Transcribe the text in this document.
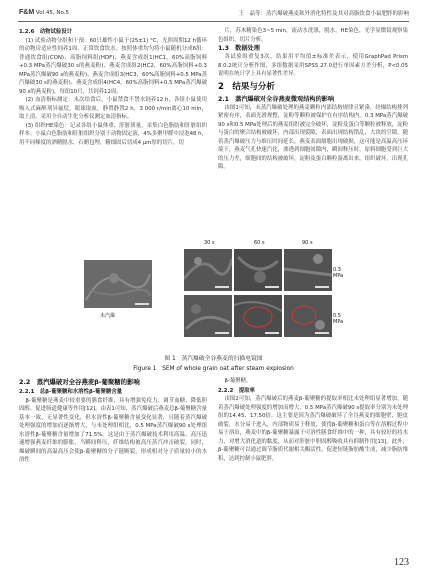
F&M Vol.45, No.5	王　晶等：蒸汽爆破燕麦麸外消化特性及其对高脂饮食小鼠肥胖的影响

1.2.6　动物试验设计

(1) 试验动物分组和干预：60只雄性小鼠于(25±1) °C，光照周期12 h循环的动物房适应性饲养1周，正常饮食饮水。按照体重均匀将小鼠随机分成6组：普通饮食组(CON)、高脂饲料组(HDF)、燕麦含成组1(HC1，60%高脂饲料+0.3 MPa蒸汽爆破30 s的燕麦粉)、燕麦含成组2(HC2，60%高脂饲料+0.3 MPa蒸汽爆破90 s的燕麦粉)、燕麦含成组3(HC3，60%高脂饲料+0.5 MPa蒸汽爆破30 s的燕麦粉)、燕麦含成组4(HC4，60%高脂饲料+0.5 MPa蒸汽爆破90 s的燕麦粉)，每组10只，共饲养12周。

(2) 血清指标测定：末次给食后，小鼠禁食不禁水饲养12 h，各组小鼠使用吸入式麻醉剂异氟烷，眼球取血，静置静置2 h，3 000 r/min离心10 min，取上清，采用全自动生化分析仪测定血清指标。

(3) 组织HE染色：记录各组小鼠体重、肝脏质量，采集白色脂肪和肝脏组织样本；小鼠白色脂肪和肝脏组织分别于动物固定液，4%多聚甲醛中浸泡48 h，用不同梯度的酒精脱水，石蜡包埋，精细固后切成4 μm厚的切片，切

片，苏木精染色3~5 min，流动水洗涤，脱水，HE染色，光学显微镜观察染色组织，切片分析。

1.3　数据处理

各试验组重复3次，结果用平均值±标准差表示，使用GraphPad Prism 8.0.2统计分析作图，多组数据采用SPSS 27.0进行单因素方差分析，P<0.05说明在统计学上具有显著性差异。

2　结果与分析

2.1　蒸汽爆破对全谷燕麦微观结构的影响

由图1可知，未蒸汽爆破处理的燕麦颗粒内部结构规律且紧凑，经爆结构排列紧密有序，表面光滑规整，淀粉等颗粒被保护在有序结构内。0.3 MPa蒸汽爆破90 s和0.5 MPa处理后的燕麦组织被完全破坏，淀粉及蛋白等颗粒被释放，淀粉与蛋白的聚合结构被破坏，内部出现裂隙，表面出现结构错乱，大块的空隙，随着蒸汽爆破压力与维压时间延长，燕麦表面细胞出现破损，这可能是高温高压环境下，燕麦气孔快速汽化，渗透到细胞间隙内，瞬间释压时，原料细胞受到巨大的压力差，细胞间的结构被破坏，淀粉及蛋白颗粒游离出来，组织破坏，出现孔隙。

30 s	60 s	90 s
未汽爆
0.3 MPa
0.5 MPa
图 1　蒸汽爆破全谷燕麦的扫描电镜图
Figure 1　SEM of whole grain oat after steam explosion

2.2　蒸汽爆破对全谷燕麦β-葡聚糖的影响

2.2.1　总β-葡聚糖和水溶性β-葡聚糖含量

β-葡聚糖是燕麦中较重要的膳食纤维，具有增强免疫力、调节血糖、降低胆固醇、促进肠道健康等作用[12]。由表1可知，蒸汽爆破后燕麦总β-葡聚糖含量基本一致，无显著性变化，但水溶性β-葡聚糖含量变化显著，且随着蒸汽爆破处理强度的增加而逐渐增大，与未处理组相比，0.5 MPa蒸汽爆破90 s处理组水溶性β-葡聚糖含量增加了71.5%。这是由于蒸汽爆破技术利用高温、高压迅速增强燕麦纤维的膨胀，当瞬间释压，纤维结构被高压蒸汽冲击破裂，同时，爆破瞬间的高温高压会使β-葡聚糖的分子链断裂，形成相对分子质量较小的水溶性

β-葡聚糖。

2.2.2　提取率

由图2可知，蒸汽爆破后的燕麦β-葡聚糖的提取率相比未处理组显著增加，随着蒸汽爆破处理强度的增加而增大，0.5 MPa蒸汽爆破90 s提取率分别为未处理组的14.45、17.50倍。这主要是因为蒸汽爆破破坏了全谷燕麦的细胞壁，胞皮破裂，水分易于进入，内部物质易于释放，使得β-葡聚糖和蛋白等在溶解过程中易于溶出，燕麦中的β-葡聚糖暴露于可溶性膳食纤维中的一种，具有较好的持水力，对增大消化道的黏度，从而对肝脏中胆固醇吸收具有抑制作用[13]。此外，β-葡聚糖可以通过调节脂质代谢相关酶活性，促进短链脂肪酸生成，减少脂肪堆积，达到控制小鼠肥胖。

123
